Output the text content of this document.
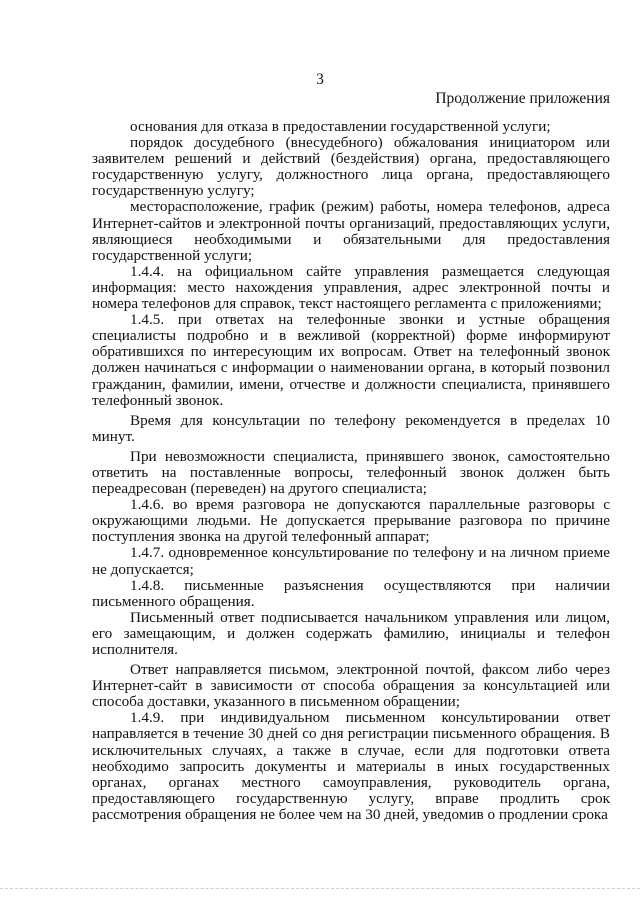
3
Продолжение приложения

основания для отказа в предоставлении государственной услуги;

порядок досудебного (внесудебного) обжалования инициатором или заявителем решений и действий (бездействия) органа, предоставляющего государственную услугу, должностного лица органа, предоставляющего государственную услугу;

месторасположение, график (режим) работы, номера телефонов, адреса Интернет-сайтов и электронной почты организаций, предоставляющих услуги, являющиеся необходимыми и обязательными для предоставления государственной услуги;

1.4.4. на официальном сайте управления размещается следующая информация: место нахождения управления, адрес электронной почты и номера телефонов для справок, текст настоящего регламента с приложениями;

1.4.5. при ответах на телефонные звонки и устные обращения специалисты подробно и в вежливой (корректной) форме информируют обратившихся по интересующим их вопросам. Ответ на телефонный звонок должен начинаться с информации о наименовании органа, в который позвонил гражданин, фамилии, имени, отчестве и должности специалиста, принявшего телефонный звонок.

Время для консультации по телефону рекомендуется в пределах 10 минут.

При невозможности специалиста, принявшего звонок, самостоятельно ответить на поставленные вопросы, телефонный звонок должен быть переадресован (переведен) на другого специалиста;

1.4.6. во время разговора не допускаются параллельные разговоры с окружающими людьми. Не допускается прерывание разговора по причине поступления звонка на другой телефонный аппарат;

1.4.7. одновременное консультирование по телефону и на личном приеме не допускается;

1.4.8. письменные разъяснения осуществляются при наличии письменного обращения.

Письменный ответ подписывается начальником управления или лицом, его замещающим, и должен содержать фамилию, инициалы и телефон исполнителя.

Ответ направляется письмом, электронной почтой, факсом либо через Интернет-сайт в зависимости от способа обращения за консультацией или способа доставки, указанного в письменном обращении;

1.4.9. при индивидуальном письменном консультировании ответ направляется в течение 30 дней со дня регистрации письменного обращения. В исключительных случаях, а также в случае, если для подготовки ответа необходимо запросить документы и материалы в иных государственных органах, органах местного самоуправления, руководитель органа, предоставляющего государственную услугу, вправе продлить срок рассмотрения обращения не более чем на 30 дней, уведомив о продлении срока
